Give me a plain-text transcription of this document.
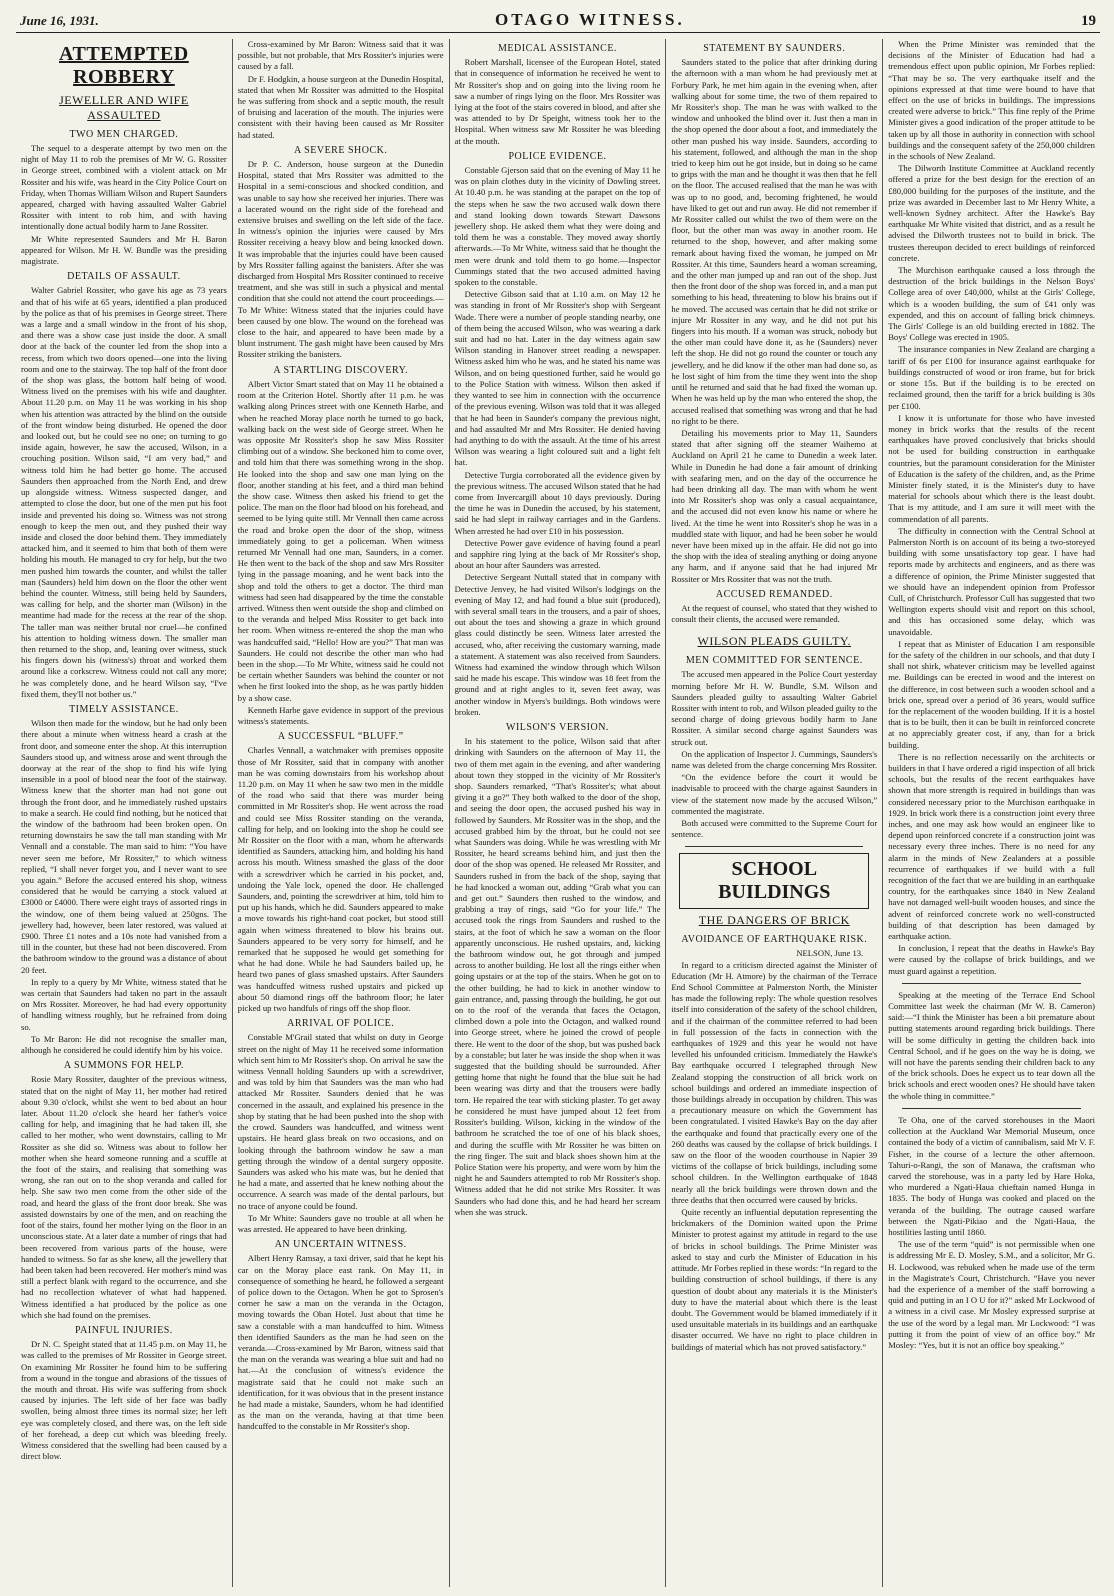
June 16, 1931.	OTAGO WITNESS.	19
ATTEMPTED ROBBERY
JEWELLER AND WIFE ASSAULTED
TWO MEN CHARGED.

The sequel to a desperate attempt by two men on the night of May 11 to rob the premises of Mr W. G. Rossiter in George street, combined with a violent attack on Mr Rossiter and his wife, was heard in the City Police Court on Friday, when Thomas William Wilson and Rupert Saunders appeared, charged with having assaulted Walter Gabriel Rossiter with intent to rob him, and with having intentionally done actual bodily harm to Jane Rossiter.

Mr White represented Saunders and Mr H. Baron appeared for Wilson. Mr H. W. Bundle was the presiding magistrate.

DETAILS OF ASSAULT.

Walter Gabriel Rossiter, who gave his age as 73 years and that of his wife at 65 years, identified a plan produced by the police as that of his premises in George street. There was a large and a small window in the front of his shop, and there was a show case just inside the door. A small door at the back of the counter led from the shop into a recess, from which two doors opened—one into the living room and one to the stairway. The top half of the front door of the shop was glass, the bottom half being of wood. Witness lived on the premises with his wife and daughter. About 11.20 p.m. on May 11 he was working in his shop when his attention was attracted by the blind on the outside of the front window being disturbed. He opened the door and looked out, but he could see no one; on turning to go inside again, however, he saw the accused, Wilson, in a crouching position. Wilson said, “I am very bad,” and witness told him he had better go home. The accused Saunders then approached from the North End, and drew up alongside witness. Witness suspected danger, and attempted to close the door, but one of the men put his foot inside and prevented his doing so. Witness was not strong enough to keep the men out, and they pushed their way inside and closed the door behind them. They immediately attacked him, and it seemed to him that both of them were holding his mouth. He managed to cry for help, but the two men pushed him towards the counter, and whilst the taller man (Saunders) held him down on the floor the other went behind the counter. Witness, still being held by Saunders, was calling for help, and the shorter man (Wilson) in the meantime had made for the recess at the rear of the shop. The taller man was neither brutal nor cruel—he confined his attention to holding witness down. The smaller man then returned to the shop, and, leaning over witness, stuck his fingers down his (witness's) throat and worked them around like a corkscrew. Witness could not call any more; he was completely done, and he heard Wilson say, “I've fixed them, they'll not bother us.”

TIMELY ASSISTANCE.

Wilson then made for the window, but he had only been there about a minute when witness heard a crash at the front door, and someone enter the shop. At this interruption Saunders stood up, and witness arose and went through the doorway at the rear of the shop to find his wife lying insensible in a pool of blood near the foot of the stairway. Witness knew that the shorter man had not gone out through the front door, and he immediately rushed upstairs to make a search. He could find nothing, but he noticed that the window of the bathroom had been broken open. On returning downstairs he saw the tall man standing with Mr Vennall and a constable. The man said to him: “You have never seen me before, Mr Rossiter,” to which witness replied, “I shall never forget you, and I never want to see you again.” Before the accused entered his shop, witness considered that he would be carrying a stock valued at £3000 or £4000. There were eight trays of assorted rings in the window, one of them being valued at 250gns. The jewellery had, however, been later restored, was valued at £900. Three £1 notes and a 10s note had vanished from a till in the counter, but these had not been discovered. From the bathroom window to the ground was a distance of about 20 feet.

In reply to a query by Mr White, witness stated that he was certain that Saunders had taken no part in the assault on Mrs Rossiter. Moreover, he had had every opportunity of handling witness roughly, but he refrained from doing so.

To Mr Baron: He did not recognise the smaller man, although he considered he could identify him by his voice.

A SUMMONS FOR HELP.

Rosie Mary Rossiter, daughter of the previous witness, stated that on the night of May 11, her mother had retired about 9.30 o'clock, whilst she went to bed about an hour later. About 11.20 o'clock she heard her father's voice calling for help, and imagining that he had taken ill, she called to her mother, who went downstairs, calling to Mr Rossiter as she did so. Witness was about to follow her mother when she heard someone running and a scuffle at the foot of the stairs, and realising that something was wrong, she ran out on to the shop veranda and called for help. She saw two men come from the other side of the road, and heard the glass of the front door break. She was assisted downstairs by one of the men, and on reaching the foot of the stairs, found her mother lying on the floor in an unconscious state. At a later date a number of rings that had been recovered from various parts of the house, were handed to witness. So far as she knew, all the jewellery that had been taken had been recovered. Her mother's mind was still a perfect blank with regard to the occurrence, and she had no recollection whatever of what had happened. Witness identified a hat produced by the police as one which she had found on the premises.

PAINFUL INJURIES.

Dr N. C. Speight stated that at 11.45 p.m. on May 11, he was called to the premises of Mr Rossiter in George street. On examining Mr Rossiter he found him to be suffering from a wound in the tongue and abrasions of the tissues of the mouth and throat. His wife was suffering from shock caused by injuries. The left side of her face was badly swollen, being almost three times its normal size; her left eye was completely closed, and there was, on the left side of her forehead, a deep cut which was bleeding freely. Witness considered that the swelling had been caused by a direct blow.

Cross-examined by Mr Baron: Witness said that it was possible, but not probable, that Mrs Rossiter's injuries were caused by a fall.

Dr F. Hodgkin, a house surgeon at the Dunedin Hospital, stated that when Mr Rossiter was admitted to the Hospital he was suffering from shock and a septic mouth, the result of bruising and laceration of the mouth. The injuries were consistent with their having been caused as Mr Rossiter had stated.

A SEVERE SHOCK.

Dr P. C. Anderson, house surgeon at the Dunedin Hospital, stated that Mrs Rossiter was admitted to the Hospital in a semi-conscious and shocked condition, and was unable to say how she received her injuries. There was a lacerated wound on the right side of the forehead and extensive bruises and swelling on the left side of the face. In witness's opinion the injuries were caused by Mrs Rossiter receiving a heavy blow and being knocked down. It was improbable that the injuries could have been caused by Mrs Rossiter falling against the banisters. After she was discharged from Hospital Mrs Rossiter continued to receive treatment, and she was still in such a physical and mental condition that she could not attend the court proceedings.—To Mr White: Witness stated that the injuries could have been caused by one blow. The wound on the forehead was close to the hair, and appeared to have been made by a blunt instrument. The gash might have been caused by Mrs Rossiter striking the banisters.

A STARTLING DISCOVERY.

Albert Victor Smart stated that on May 11 he obtained a room at the Criterion Hotel. Shortly after 11 p.m. he was walking along Princes street with one Kenneth Harbe, and when he reached Moray place north he turned to go back, walking back on the west side of George street. When he was opposite Mr Rossiter's shop he saw Miss Rossiter climbing out of a window. She beckoned him to come over, and told him that there was something wrong in the shop. He looked into the shop and saw one man lying on the floor, another standing at his feet, and a third man behind the show case. Witness then asked his friend to get the police. The man on the floor had blood on his forehead, and seemed to be lying quite still. Mr Vennall then came across the road and broke open the door of the shop, witness immediately going to get a policeman. When witness returned Mr Vennall had one man, Saunders, in a corner. He then went to the back of the shop and saw Mrs Rossiter lying in the passage moaning, and he went back into the shop and told the others to get a doctor. The third man witness had seen had disappeared by the time the constable arrived. Witness then went outside the shop and climbed on to the veranda and helped Miss Rossiter to get back into her room. When witness re-entered the shop the man who was handcuffed said, “Hello! How are you?” That man was Saunders. He could not describe the other man who had been in the shop.—To Mr White, witness said he could not be certain whether Saunders was behind the counter or not when he first looked into the shop, as he was partly hidden by a show case.

Kenneth Harbe gave evidence in support of the previous witness's statements.

A SUCCESSFUL “BLUFF.”

Charles Vennall, a watchmaker with premises opposite those of Mr Rossiter, said that in company with another man he was coming downstairs from his workshop about 11.20 p.m. on May 11 when he saw two men in the middle of the road who said that there was murder being committed in Mr Rossiter's shop. He went across the road and could see Miss Rossiter standing on the veranda, calling for help, and on looking into the shop he could see Mr Rossiter on the floor with a man, whom he afterwards identified as Saunders, attacking him, and holding his hand across his mouth. Witness smashed the glass of the door with a screwdriver which he carried in his pocket, and, undoing the Yale lock, opened the door. He challenged Saunders, and, pointing the screwdriver at him, told him to put up his hands, which he did. Saunders appeared to make a move towards his right-hand coat pocket, but stood still again when witness threatened to blow his brains out. Saunders appeared to be very sorry for himself, and he remarked that he supposed he would get something for what he had done. While he had Saunders bailed up, he heard two panes of glass smashed upstairs. After Saunders was handcuffed witness rushed upstairs and picked up about 50 diamond rings off the bathroom floor; he later picked up two handfuls of rings off the shop floor.

ARRIVAL OF POLICE.

Constable M'Grail stated that whilst on duty in George street on the night of May 11 he received some information which sent him to Mr Rossiter's shop. On arrival he saw the witness Vennall holding Saunders up with a screwdriver, and was told by him that Saunders was the man who had attacked Mr Rossiter. Saunders denied that he was concerned in the assault, and explained his presence in the shop by stating that he had been pushed into the shop with the crowd. Saunders was handcuffed, and witness went upstairs. He heard glass break on two occasions, and on looking through the bathroom window he saw a man getting through the window of a dental surgery opposite. Saunders was asked who his mate was, but he denied that he had a mate, and asserted that he knew nothing about the occurrence. A search was made of the dental parlours, but no trace of anyone could be found.

To Mr White: Saunders gave no trouble at all when he was arrested. He appeared to have been drinking.

AN UNCERTAIN WITNESS.

Albert Henry Ramsay, a taxi driver, said that he kept his car on the Moray place east rank. On May 11, in consequence of something he heard, he followed a sergeant of police down to the Octagon. When he got to Sprosen's corner he saw a man on the veranda in the Octagon, moving towards the Oban Hotel. Just about that time he saw a constable with a man handcuffed to him. Witness then identified Saunders as the man he had seen on the veranda.—Cross-examined by Mr Baron, witness said that the man on the veranda was wearing a blue suit and had no hat.—At the conclusion of witness's evidence the magistrate said that he could not make such an identification, for it was obvious that in the present instance he had made a mistake, Saunders, whom he had identified as the man on the veranda, having at that time been handcuffed to the constable in Mr Rossiter's shop.

MEDICAL ASSISTANCE.

Robert Marshall, licensee of the European Hotel, stated that in consequence of information he received he went to Mr Rossiter's shop and on going into the living room he saw a number of rings lying on the floor. Mrs Rossiter was lying at the foot of the stairs covered in blood, and after she was attended to by Dr Speight, witness took her to the Hospital. When witness saw Mr Rossiter he was bleeding at the mouth.

POLICE EVIDENCE.

Constable Gjerson said that on the evening of May 11 he was on plain clothes duty in the vicinity of Dowling street. At 10.40 p.m. he was standing at the parapet on the top of the steps when he saw the two accused walk down there and stand looking down towards Stewart Dawsons jewellery shop. He asked them what they were doing and told them he was a constable. They moved away shortly afterwards.—To Mr White, witness said that he thought the men were drunk and told them to go home.—Inspector Cummings stated that the two accused admitted having spoken to the constable.

Detective Gibson said that at 1.10 a.m. on May 12 he was standing in front of Mr Rossiter's shop with Sergeant Wade. There were a number of people standing nearby, one of them being the accused Wilson, who was wearing a dark suit and had no hat. Later in the day witness again saw Wilson standing in Hanover street reading a newspaper. Witness asked him who he was, and he stated his name was Wilson, and on being questioned further, said he would go to the Police Station with witness. Wilson then asked if they wanted to see him in connection with the occurrence of the previous evening. Wilson was told that it was alleged that he had been in Saunder's company the previous night, and had assaulted Mr and Mrs Rossiter. He denied having had anything to do with the assault. At the time of his arrest Wilson was wearing a light coloured suit and a light felt hat.

Detective Turgia corroborated all the evidence given by the previous witness. The accused Wilson stated that he had come from Invercargill about 10 days previously. During the time he was in Dunedin the accused, by his statement, said he had slept in railway carriages and in the Gardens. When arrested he had over £10 in his possession.

Detective Power gave evidence of having found a pearl and sapphire ring lying at the back of Mr Rossiter's shop, about an hour after Saunders was arrested.

Detective Sergeant Nuttall stated that in company with Detective Jenvey, he had visited Wilson's lodgings on the evening of May 12, and had found a blue suit (produced), with several small tears in the trousers, and a pair of shoes, out about the toes and showing a graze in which ground glass could distinctly be seen. Witness later arrested the accused, who, after receiving the customary warning, made a statement. A statement was also received from Saunders. Witness had examined the window through which Wilson said he made his escape. This window was 18 feet from the ground and at right angles to it, seven feet away, was another window in Myers's buildings. Both windows were broken.

WILSON'S VERSION.

In his statement to the police, Wilson said that after drinking with Saunders on the afternoon of May 11, the two of them met again in the evening, and after wandering about town they stopped in the vicinity of Mr Rossiter's shop. Saunders remarked, “That's Rossiter's; what about giving it a go?” They both walked to the door of the shop, and seeing the door open, the accused pushed his way in followed by Saunders. Mr Rossiter was in the shop, and the accused grabbed him by the throat, but he could not see what Saunders was doing. While he was wrestling with Mr Rossiter, he heard screams behind him, and just then the door of the shop was opened. He released Mr Rossiter, and Saunders rushed in from the back of the shop, saying that he had knocked a woman out, adding “Grab what you can and get out.” Saunders then rushed to the window, and grabbing a tray of rings, said “Go for your life.” The accused took the rings from Saunders and rushed to the stairs, at the foot of which he saw a woman on the floor apparently unconscious. He rushed upstairs, and, kicking the bathroom window out, he got through and jumped across to another building. He lost all the rings either when going upstairs or at the top of the stairs. When he got on to the other building, he had to kick in another window to gain entrance, and, passing through the building, he got out on to the roof of the veranda that faces the Octagon, climbed down a pole into the Octagon, and walked round into George street, where he joined the crowd of people there. He went to the door of the shop, but was pushed back by a constable; but later he was inside the shop when it was suggested that the building should be surrounded. After getting home that night he found that the blue suit he had been wearing was dirty and that the trousers were badly torn. He repaired the tear with sticking plaster. To get away he considered he must have jumped about 12 feet from Rossiter's building. Wilson, kicking in the window of the bathroom he scratched the toe of one of his black shoes, and during the scuffle with Mr Rossiter he was bitten on the ring finger. The suit and black shoes shown him at the Police Station were his property, and were worn by him the night he and Saunders attempted to rob Mr Rossiter's shop. Witness added that he did not strike Mrs Rossiter. It was Saunders who had done this, and he had heard her scream when she was struck.

STATEMENT BY SAUNDERS.

Saunders stated to the police that after drinking during the afternoon with a man whom he had previously met at Forbury Park, he met him again in the evening when, after walking about for some time, the two of them repaired to Mr Rossiter's shop. The man he was with walked to the window and unhooked the blind over it. Just then a man in the shop opened the door about a foot, and immediately the other man pushed his way inside. Saunders, according to his statement, followed, and although the man in the shop tried to keep him out he got inside, but in doing so he came to grips with the man and he thought it was then that he fell on the floor. The accused realised that the man he was with was up to no good, and, becoming frightened, he would have liked to get out and run away. He did not remember if Mr Rossiter called out whilst the two of them were on the floor, but the other man was away in another room. He returned to the shop, however, and after making some remark about having fixed the woman, he jumped on Mr Rossiter. At this time, Saunders heard a woman screaming, and the other man jumped up and ran out of the shop. Just then the front door of the shop was forced in, and a man put something to his head, threatening to blow his brains out if he moved. The accused was certain that he did not strike or injure Mr Rossiter in any way, and he did not put his fingers into his mouth. If a woman was struck, nobody but the other man could have done it, as he (Saunders) never left the shop. He did not go round the counter or touch any jewellery, and he did know if the other man had done so, as he lost sight of him from the time they went into the shop until he returned and said that he had fixed the woman up. When he was held up by the man who entered the shop, the accused realised that something was wrong and that he had no right to be there.

Detailing his movements prior to May 11, Saunders stated that after signing off the steamer Waihemo at Auckland on April 21 he came to Dunedin a week later. While in Dunedin he had done a fair amount of drinking with seafaring men, and on the day of the occurrence he had been drinking all day. The man with whom he went into Mr Rossiter's shop was only a casual acquaintance, and the accused did not even know his name or where he lived. At the time he went into Rossiter's shop he was in a muddled state with liquor, and had he been sober he would never have been mixed up in the affair. He did not go into the shop with the idea of stealing anything or doing anyone any harm, and if anyone said that he had injured Mr Rossiter or Mrs Rossiter that was not the truth.

ACCUSED REMANDED.

At the request of counsel, who stated that they wished to consult their clients, the accused were remanded.

WILSON PLEADS GUILTY.
MEN COMMITTED FOR SENTENCE.

The accused men appeared in the Police Court yesterday morning before Mr H. W. Bundle, S.M. Wilson and Saunders pleaded guilty to assaulting Walter Gabriel Rossiter with intent to rob, and Wilson pleaded guilty to the second charge of doing grievous bodily harm to Jane Rossiter. A similar second charge against Saunders was struck out.

On the application of Inspector J. Cummings, Saunders's name was deleted from the charge concerning Mrs Rossiter.

“On the evidence before the court it would be inadvisable to proceed with the charge against Saunders in view of the statement now made by the accused Wilson,” commented the magistrate.

Both accused were committed to the Supreme Court for sentence.

SCHOOL BUILDINGS
THE DANGERS OF BRICK
AVOIDANCE OF EARTHQUAKE RISK.
NELSON, June 13.

In regard to a criticism directed against the Minister of Education (Mr H. Atmore) by the chairman of the Terrace End School Committee at Palmerston North, the Minister has made the following reply: The whole question resolves itself into consideration of the safety of the school children, and if the chairman of the committee referred to had been in full possession of the facts in connection with the earthquakes of 1929 and this year he would not have levelled his unfounded criticism. Immediately the Hawke's Bay earthquake occurred I telegraphed through New Zealand stopping the construction of all brick work on school buildings and ordered an immediate inspection of those buildings already in occupation by children. This was a precautionary measure on which the Government has been congratulated. I visited Hawke's Bay on the day after the earthquake and found that practically every one of the 260 deaths was caused by the collapse of brick buildings. I saw on the floor of the wooden courthouse in Napier 39 victims of the collapse of brick buildings, including some school children. In the Wellington earthquake of 1848 nearly all the brick buildings were thrown down and the three deaths that then occurred were caused by bricks.

Quite recently an influential deputation representing the brickmakers of the Dominion waited upon the Prime Minister to protest against my attitude in regard to the use of bricks in school buildings. The Prime Minister was asked to stay and curb the Minister of Education in his attitude. Mr Forbes replied in these words: “In regard to the building construction of school buildings, if there is any question of doubt about any materials it is the Minister's duty to have the material about which there is the least doubt. The Government would be blamed immediately if it used unsuitable materials in its buildings and an earthquake disaster occurred. We have no right to place children in buildings of material which has not proved satisfactory.”

When the Prime Minister was reminded that the decisions of the Minister of Education had had a tremendous effect upon public opinion, Mr Forbes replied: “That may be so. The very earthquake itself and the opinions expressed at that time were bound to have that effect on the use of bricks in buildings. The impressions created were adverse to brick.” This fine reply of the Prime Minister gives a good indication of the proper attitude to be taken up by all those in authority in connection with school buildings and the consequent safety of the 250,000 children in the schools of New Zealand.

The Dilworth Institute Committee at Auckland recently offered a prize for the best design for the erection of an £80,000 building for the purposes of the institute, and the prize was awarded in December last to Mr Henry White, a well-known Sydney architect. After the Hawke's Bay earthquake Mr White visited that district, and as a result he advised the Dilworth trustees not to build in brick. The trustees thereupon decided to erect buildings of reinforced concrete.

The Murchison earthquake caused a loss through the destruction of the brick buildings in the Nelson Boys' College area of over £40,000, whilst at the Girls' College, which is a wooden building, the sum of £41 only was expended, and this on account of falling brick chimneys. The Girls' College is an old building erected in 1882. The Boys' College was erected in 1905.

The insurance companies in New Zealand are charging a tariff of 6s per £100 for insurance against earthquake for buildings constructed of wood or iron frame, but for brick or stone 15s. But if the building is to be erected on reclaimed ground, then the tariff for a brick building is 30s per £100.

I know it is unfortunate for those who have invested money in brick works that the results of the recent earthquakes have proved conclusively that bricks should not be used for building construction in earthquake countries, but the paramount consideration for the Minister of Education is the safety of the children, and, as the Prime Minister finely stated, it is the Minister's duty to have material for schools about which there is the least doubt. That is my attitude, and I am sure it will meet with the commendation of all parents.

The difficulty in connection with the Central School at Palmerston North is on account of its being a two-storeyed building with some unsatisfactory top gear. I have had reports made by architects and engineers, and as there was a difference of opinion, the Prime Minister suggested that we should have an independent opinion from Professor Cull, of Christchurch. Professor Cull has suggested that two Wellington experts should visit and report on this school, and this has occasioned some delay, which was unavoidable.

I repeat that as Minister of Education I am responsible for the safety of the children in our schools, and that duty I shall not shirk, whatever criticism may be levelled against me. Buildings can be erected in wood and the interest on the difference, in cost between such a wooden school and a brick one, spread over a period of 36 years, would suffice for the replacement of the wooden building. If it is a hostel that is to be built, then it can be built in reinforced concrete at no appreciably greater cost, if any, than for a brick building.

There is no reflection necessarily on the architects or builders in that I have ordered a rigid inspection of all brick schools, but the results of the recent earthquakes have shown that more strength is required in buildings than was considered necessary prior to the Murchison earthquake in 1929. In brick work there is a construction joint every three inches, and one may ask how would an engineer like to depend upon reinforced concrete if a construction joint was necessary every three inches. There is no need for any alarm in the minds of New Zealanders at a possible recurrence of earthquakes if we build with a full recognition of the fact that we are building in an earthquake country, for the earthquakes since 1840 in New Zealand have not damaged well-built wooden houses, and since the advent of reinforced concrete work no well-constructed building of that description has been damaged by earthquake action.

In conclusion, I repeat that the deaths in Hawke's Bay were caused by the collapse of brick buildings, and we must guard against a repetition.

Speaking at the meeting of the Terrace End School Committee last week the chairman (Mr W. B. Cameron) said:—“I think the Minister has been a bit premature about putting statements around regarding brick buildings. There will be some difficulty in getting the children back into Central School, and if he goes on the way he is doing, we will not have the parents sending their children back to any of the brick schools. Does he expect us to tear down all the brick schools and erect wooden ones? He should have taken the whole thing in committee.”

Te Oha, one of the carved storehouses in the Maori collection at the Auckland War Memorial Museum, once contained the body of a victim of cannibalism, said Mr V. F. Fisher, in the course of a lecture the other afternoon. Tahuri-o-Rangi, the son of Manawa, the craftsman who carved the storehouse, was in a party led by Hare Hoka, who murdered a Ngati-Haua chieftain named Hunga in 1835. The body of Hunga was cooked and placed on the veranda of the building. The outrage caused warfare between the Ngati-Pikiao and the Ngati-Haua, the hostilities lasting until 1860.

The use of the term “quid” is not permissible when one is addressing Mr E. D. Mosley, S.M., and a solicitor, Mr G. H. Lockwood, was rebuked when he made use of the term in the Magistrate's Court, Christchurch. “Have you never had the experience of a member of the staff borrowing a quid and putting in an I O U for it?” asked Mr Lockwood of a witness in a civil case. Mr Mosley expressed surprise at the use of the word by a legal man. Mr Lockwood: “I was putting it from the point of view of an office boy.” Mr Mosley: “Yes, but it is not an office boy speaking.”
